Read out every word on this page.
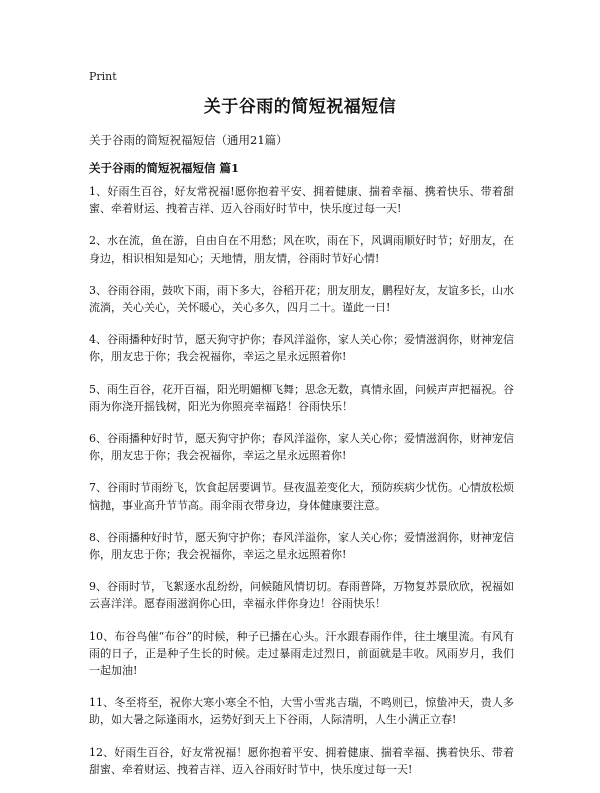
Print
关于谷雨的简短祝福短信
关于谷雨的简短祝福短信（通用21篇）
关于谷雨的简短祝福短信 篇1

1、好雨生百谷，好友常祝福!愿你抱着平安、拥着健康、揣着幸福、携着快乐、带着甜蜜、牵着财运、拽着吉祥、迈入谷雨好时节中，快乐度过每一天!

2、水在流，鱼在游，自由自在不用愁；风在吹，雨在下，风调雨顺好时节；好朋友，在身边，相识相知是知心；天地情，朋友情，谷雨时节好心情!

3、谷雨谷雨，鼓吹下雨，雨下多大，谷稻开花；朋友朋友，鹏程好友，友谊多长，山水流淌，关心关心，关怀暖心，关心多久，四月二十。谨此一日!

4、谷雨播种好时节，愿天狗守护你；春风洋溢你，家人关心你；爱情滋润你，财神宠信你，朋友忠于你；我会祝福你，幸运之星永远照着你!

5、雨生百谷，花开百福，阳光明媚柳飞舞；思念无数，真情永固，问候声声把福祝。谷雨为你浇开摇钱树，阳光为你照亮幸福路！谷雨快乐！

6、谷雨播种好时节，愿天狗守护你；春风洋溢你，家人关心你；爱情滋润你，财神宠信你，朋友忠于你；我会祝福你，幸运之星永远照着你!

7、谷雨时节雨纷飞，饮食起居要调节。昼夜温差变化大，预防疾病少忧伤。心情放松烦恼抛，事业高升节节高。雨伞雨衣带身边，身体健康要注意。

8、谷雨播种好时节，愿天狗守护你；春风洋溢你，家人关心你；爱情滋润你，财神宠信你，朋友忠于你；我会祝福你，幸运之星永远照着你!

9、谷雨时节，飞絮逐水乱纷纷，问候随风情切切。春雨普降，万物复苏景欣欣，祝福如云喜洋洋。愿春雨滋润你心田，幸福永伴你身边！谷雨快乐！

10、布谷鸟催“布谷”的时候，种子已播在心头。汗水跟春雨作伴，往土壤里流。有风有雨的日子，正是种子生长的时候。走过暴雨走过烈日，前面就是丰收。风雨岁月，我们一起加油!

11、冬至将至，祝你大寒小寒全不怕，大雪小雪兆吉瑞，不鸣则已，惊蛰冲天，贵人多助，如大暑之际逢雨水，运势好到天上下谷雨，人际清明，人生小满正立春!

12、好雨生百谷，好友常祝福！愿你抱着平安、拥着健康、揣着幸福、携着快乐、带着甜蜜、牵着财运、拽着吉祥、迈入谷雨好时节中，快乐度过每一天!
